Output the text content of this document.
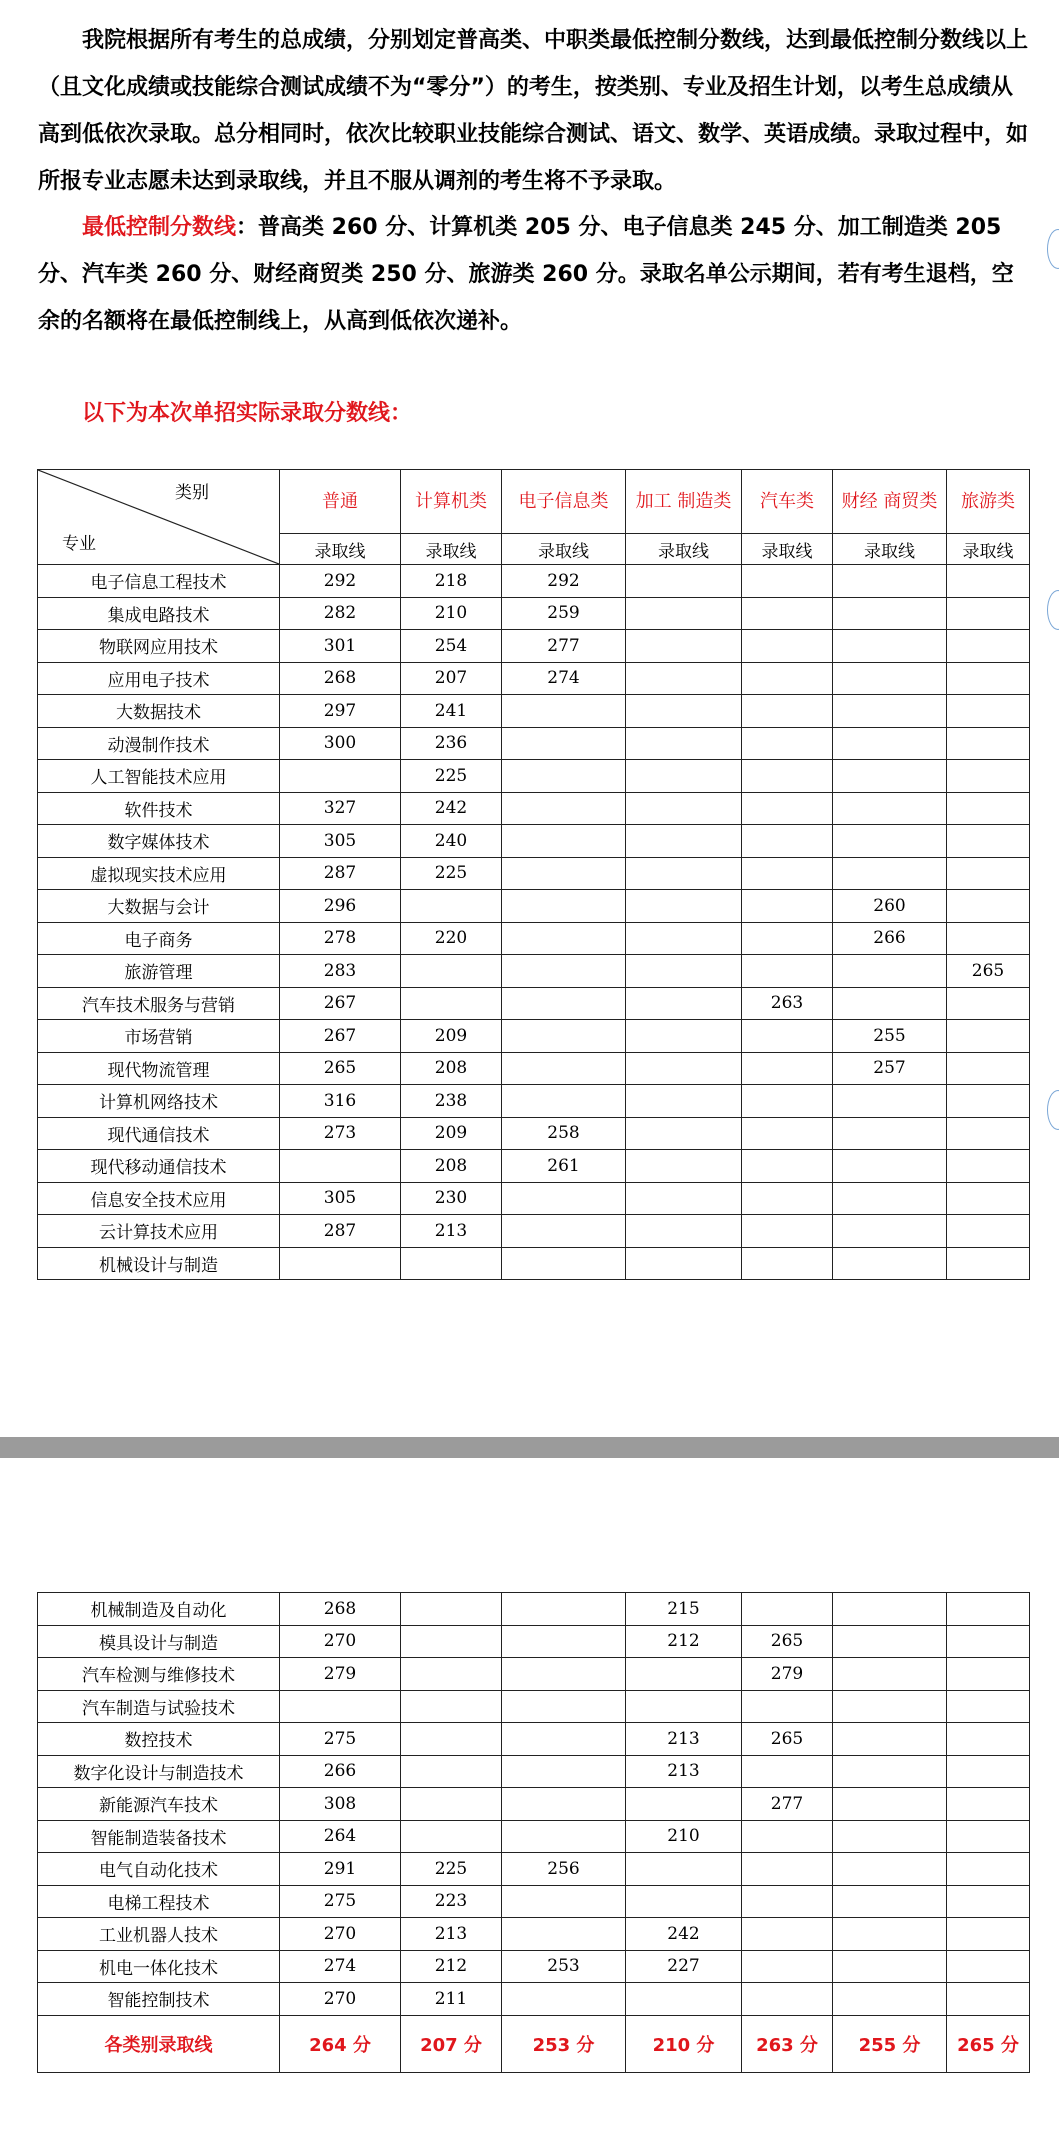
我院根据所有考生的总成绩，分别划定普高类、中职类最低控制分数线，达到最低控制分数线以上（且文化成绩或技能综合测试成绩不为“零分”）的考生，按类别、专业及招生计划，以考生总成绩从高到低依次录取。总分相同时，依次比较职业技能综合测试、语文、数学、英语成绩。录取过程中，如所报专业志愿未达到录取线，并且不服从调剂的考生将不予录取。

最低控制分数线：普高类 260 分、计算机类 205 分、电子信息类 245 分、加工制造类 205 分、汽车类 260 分、财经商贸类 250 分、旅游类 260 分。录取名单公示期间，若有考生退档，空余的名额将在最低控制线上，从高到低依次递补。

以下为本次单招实际录取分数线：
类别
专业	普通	计算机类	电子信息类	加工 制造类	汽车类	财经 商贸类	旅游类
	录取线	录取线	录取线	录取线	录取线	录取线	录取线
电子信息工程技术	292	218	292				
集成电路技术	282	210	259				
物联网应用技术	301	254	277				
应用电子技术	268	207	274				
大数据技术	297	241					
动漫制作技术	300	236					
人工智能技术应用		225					
软件技术	327	242					
数字媒体技术	305	240					
虚拟现实技术应用	287	225					
大数据与会计	296					260	
电子商务	278	220				266	
旅游管理	283						265
汽车技术服务与营销	267				263		
市场营销	267	209				255	
现代物流管理	265	208				257	
计算机网络技术	316	238					
现代通信技术	273	209	258				
现代移动通信技术		208	261				
信息安全技术应用	305	230					
云计算技术应用	287	213					
机械设计与制造							
机械制造及自动化	268			215			
模具设计与制造	270			212	265		
汽车检测与维修技术	279				279		
汽车制造与试验技术							
数控技术	275			213	265		
数字化设计与制造技术	266			213			
新能源汽车技术	308				277		
智能制造装备技术	264			210			
电气自动化技术	291	225	256				
电梯工程技术	275	223					
工业机器人技术	270	213		242			
机电一体化技术	274	212	253	227			
智能控制技术	270	211					
各类别录取线	264 分	207 分	253 分	210 分	263 分	255 分	265 分
